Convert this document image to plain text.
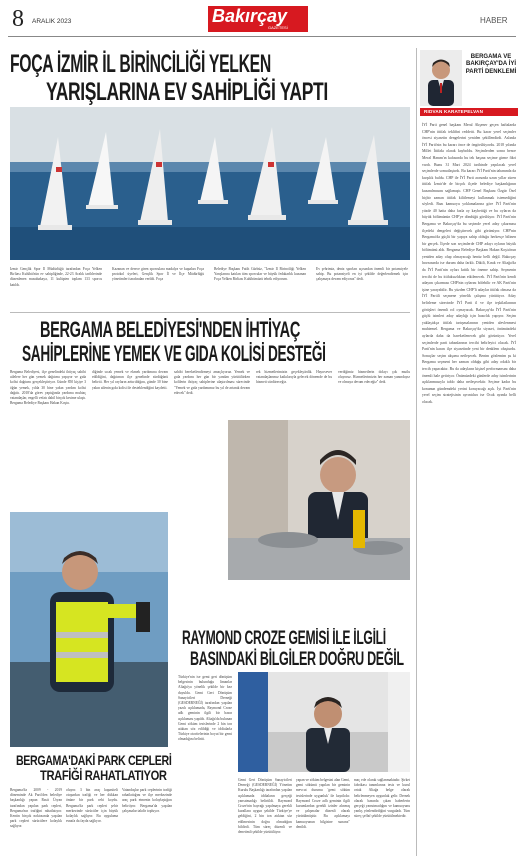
8 ARALIK 2023	Bakırçay
GAZETESİ
HABER
FOÇA İZMİR İL BİRİNCİLİĞİ YELKEN
YARIŞLARINA EV SAHİPLİĞİ YAPTI
İzmir Gençlik Spor İl Müdürlüğü tarafından Foça Yelken Birliası Kulübü'nün ev sahipliğinde, 22-23 Aralık tarihlerinde düzenlenen musabakaya, 11 kulüpten toplam 133 sporcu katıldı.
Kazanan ve derece giren sporculara madalya ve kupaları Foça protokol üyeleri, Gençlik Spor İl ve İlçe Müdürlüğü yönetimleri tarafından verildi. Foça
Belediye Başkanı Fatih Gürbüz, "İzmir İl Birinciliği Yelken Yarışlarına katılan tüm sporcular ve büyük fedakarlık kazanan Foça Yelken Birliası Kulübümüzü tebrik ediyorum.
Ev şehrimiz, deniz sporları açısından önemli bir potansiyele sahip. Bu potansiyeli en iyi şekilde değerlendirmek için çalışmaya devam ediyoruz" dedi.
BERGAMA BELEDİYESİ'NDEN İHTİYAÇ
SAHİPLERİNE YEMEK VE GIDA KOLİSİ DESTEĞİ
Bergama Belediyesi, ilçe genelindeki ihtiyaç sahibi ailelere her gün yemek dağıtımı yapıyor ve gıda kolisi dağıtımı gerçekleştiriyor. Günde 850 kişiye 3 öğün yemek, yılda 30 bine yakın yardım kolisi dağıttı. 2018'da görev yaptığında yardıma muhtaç vatandaşlar, engelli vefatı dahil birçok kesime ulaştı. Bergama Belediye Başkanı Hakan Koştu.
diğinde sıcak yemek ve ekmek yardımına devam edildiğini, dağıtımın ilçe genelinde sürdüğünü belirtti. Her yıl rayların arttırıldığını, günde 30 bine yakın ailenin gıda kolisi ile desteklendiğini kaydetti.
sahibi bereketlendirmeyi amaçlıyoruz. Yemek ve gıda yardımı her gün bir yandan yürütülürken kolilerin ihtiyaç sahiplerine ulaştırılması sürecinde "Yemek ve gıda yardımımız bu yıl de artarak devam edecek" dedi.
rek hizmetlerimizin geçekleştirdik. Hayırsever vatandaşlarımız katkılarıyla gelecek dönemde de bu hizmeti sürdüreceğiz.
verdiğimiz hizmetlerin dolayı çok mutlu oluyoruz. Hizmetlerimizin her zaman yanındayız ve olmaya devam edeceğiz" dedi.
BERGAMA'DAKİ PARK CEPLERİ
TRAFİĞİ RAHATLATIYOR
Bergama'da 2009 - 2019 döneminde Ak Parti'den belediye başkanlığı yapan Rasit Üryan tarafından yapılan park cepleri, Bergama'nın trafiğini rahatlatıyor. Kentin birçok noktasında yapılan park cepleri sürücülere kolaylık sağlıyor.
oluyor. 3 bin araç kapasiteli otoparkın trafiği ve her dükkan önüne bir park cebi koydu. Bergama'da park cepleri şehir merkezinde sürücüler için büyük kolaylık sağlıyor. Bu uygulama esnafa da fayda sağlıyor.
Vatandaşlar park ceplerinin trafiği rahatlattığını ve ilçe merkezinde araç park etmenin kolaylaştığını belirtiyor. Bergama'da yapılan çalışmalar takdir topluyor.
RAYMOND CROZE GEMİSİ İLE İLGİLİ
BASINDAKİ BİLGİLER DOĞRU DEĞİL
Türkiye'nin ise gemi geri dönüşüm belgesinin bulunduğu limanlar Aliağa'ya yönelik şekilde bir kez duyuldu. Gemi Geri Dönüşüm Sanayicileri Derneği (GESDERNEĞİ) tarafından yapılan yazılı açıklamada, Raymond Croze adlı geminin ilgili bir basın açıklaması yapıldı. Aliağa'da bulunan Gemi söküm tesislerinde 2 bin ton atıktan söz edildiği ve iddialarla Türkiye otoritelerinin boyut bir gemi olmadığını belirtti.
Gemi Geri Dönüşüm Sanayicileri Derneği (GESDERNEĞİ) Yönetim Kurulu Başkanlığı tarafından yapılan açıklamada iddiaların gerçeği yansıtmadığı belirtildi. Raymond Croze'nin bayrağı yapılmaya gerekli kurallara uygun şekilde Türkiye'ye geldiğini, 2 bin ton atıktan söz edilmesinin doğru olmadığını bildirdi. Tüm süreç düzenli ve denetimli şekilde yürütülüyor.
yapan ve söküm belgesini alan Gemi, gemi sökümü yapılan bir geminin mevcut durumu 'gemi söküm tesislerinde uygunluk' ile kayıtlıdır. Raymond Croze adlı geminin ilgili kurumlardan gerekli izinler alınmış ve çalışmalar düzenli olarak yürütülmüştür. Bu açıklamayı kamuoyunun bilgisine sunarız" denildi.
maç ede olarak sağlanmaktadır. Şirket fabrikası tanımlarına tesis ve kurul ortak Aliağa belge olarak belirlenmeyen uygunluk gelir. Dernek olarak basında çıkan haberlerin gerçeği yansıtmadığını ve kamuoyunu yanlış yönlendirdiğini vurguladı. Tüm süreç şeffaf şekilde yürütülmektedir.
BERGAMA VE BAKIRÇAY'DA İYİ PARTİ DENKLEMİ
RIDVAN KARATEPELVAN
İYİ Parti genel başkanı Meral Akşener geçen haftalarda CHP'nin ittifak teklifini reddetti. Bu karar yerel seçimler öncesi siyasetin dengelerini yeniden şekillendirdi. Aslında İYİ Parti'nin bu kararı önce de öngörülüyordu. 2018 yılında Millet İttifakı olarak kayboldu. Seçimlerden sonra bence Meral Hanım'ın kafasında bu tek başına seçime girme fikri vardı. Bunu 31 Mart 2024 tarihinde yapılacak yerel seçimlerde somutlaştırdı. Bu kararı İYİ Parti'nin tabanında da karşılık buldu. CHP ile İYİ Parti arasında uzun yıllar süren ittifak İzmir'de de birçok ilçede belediye başkanlığının kazanılmasını sağlamıştı. CHP Genel Başkanı Özgür Özel hiçbir zaman ittifak kilitlemeyi kullanmak istemediğini söyledi. Bazı kamuoyu yoklamalarına göre İYİ Parti'nin yüzde 40 hatta daha fazla oy kaybettiği ve bu oyların da büyük bölümünün CHP'ye döndüğü görülüyor. İYİ Parti'nin Bergama ve Bakırçay'da bu seçimde yerel aday çıkarması ilçedeki dengeleri değiştirecek gibi görünüyor. CHP'nin Bergama'da güçlü bir yapıya sahip olduğu herkesçe bilinen bir gerçek. İlçede son seçimlerde CHP adayı oyların büyük bölümünü aldı. Bergama Belediye Başkanı Hakan Koştu'nun yeniden aday olup olmayacağı henüz belli değil. Bakırçay havzasında ise durum daha farklı. Dikili, Kınık ve Aliağa'da da İYİ Parti'nin oyları kritik bir öneme sahip. Seçmenin tercihi de bu ittifaksızlıktan etkilenecek. İYİ Parti'nin kendi adayını çıkarması CHP'nin oylarını bölebilir ve AK Parti'nin işine yarayabilir. Bu yüzden CHP'li adaylar ittifak olmasa da İYİ Partili seçmene yönelik çalışma yürütüyor. Aday belirleme sürecinde İYİ Parti il ve ilçe teşkilatlarının görüşleri önemli rol oynayacak. Bakırçay'da İYİ Parti'nin güçlü isimleri aday adaylığı için hazırlık yapıyor. Seçim yaklaştıkça ittifak tartışmalarının yeniden alevlenmesi muhtemel. Bergama ve Bakırçay'da siyaset, önümüzdeki aylarda daha da hareketlenecek gibi görünüyor. Yerel seçimlerde parti tabanlarının tercihi belirleyici olacak. İYİ Parti'nin kararı ilçe siyasetinde yeni bir denklem oluşturdu. Sonuçlar seçim akşamı netleşecek. Benim gözlemim şu ki Bergama seçmeni her zaman olduğu gibi aday odaklı bir tercih yapacaktır. Bu da adayların kişisel performansını daha önemli hale getiriyor. Önümüzdeki günlerde aday isimlerinin açıklanmasıyla tablo daha netleşecektir. Seçime kadar bu konunun gündemdeki yerini koruyacağı açık. İyi Parti'nin yerel seçim stratejisinin ayrıntıları ise Ocak ayında belli olacak.
